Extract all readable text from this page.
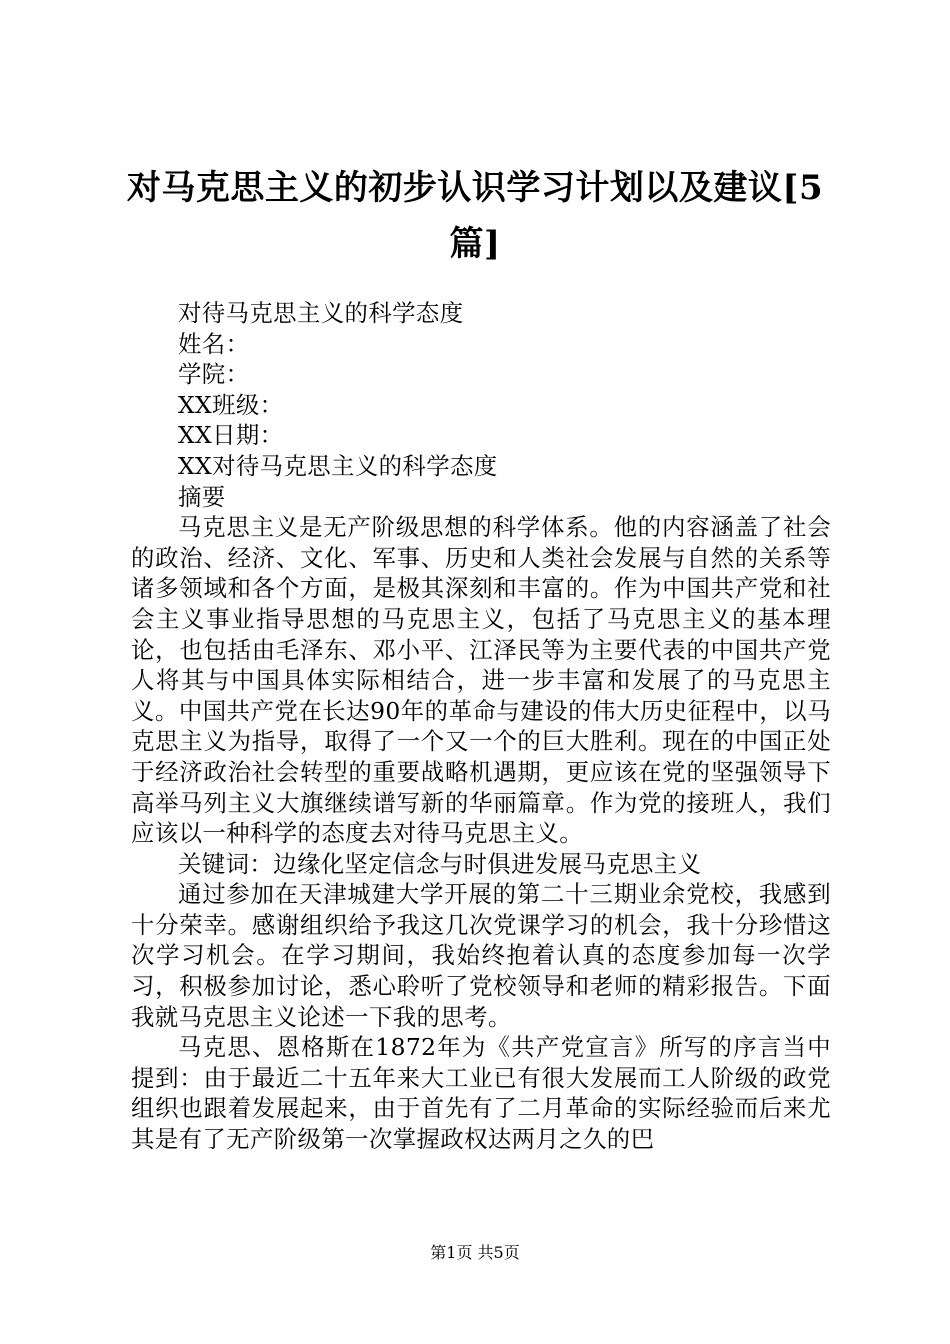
对马克思主义的初步认识学习计划以及建议[5篇]
对待马克思主义的科学态度
姓名：
学院：
XX班级：
XX日期：
XX对待马克思主义的科学态度
摘要

马克思主义是无产阶级思想的科学体系。他的内容涵盖了社会的政治、经济、文化、军事、历史和人类社会发展与自然的关系等诸多领域和各个方面，是极其深刻和丰富的。作为中国共产党和社会主义事业指导思想的马克思主义，包括了马克思主义的基本理论，也包括由毛泽东、邓小平、江泽民等为主要代表的中国共产党人将其与中国具体实际相结合，进一步丰富和发展了的马克思主义。中国共产党在长达90年的革命与建设的伟大历史征程中，以马克思主义为指导，取得了一个又一个的巨大胜利。现在的中国正处于经济政治社会转型的重要战略机遇期，更应该在党的坚强领导下高举马列主义大旗继续谱写新的华丽篇章。作为党的接班人，我们应该以一种科学的态度去对待马克思主义。

关键词：边缘化坚定信念与时俱进发展马克思主义

通过参加在天津城建大学开展的第二十三期业余党校，我感到十分荣幸。感谢组织给予我这几次党课学习的机会，我十分珍惜这次学习机会。在学习期间，我始终抱着认真的态度参加每一次学习，积极参加讨论，悉心聆听了党校领导和老师的精彩报告。下面我就马克思主义论述一下我的思考。

马克思、恩格斯在1872年为《共产党宣言》所写的序言当中提到：由于最近二十五年来大工业已有很大发展而工人阶级的政党组织也跟着发展起来，由于首先有了二月革命的实际经验而后来尤其是有了无产阶级第一次掌握政权达两月之久的巴

第1页 共5页
